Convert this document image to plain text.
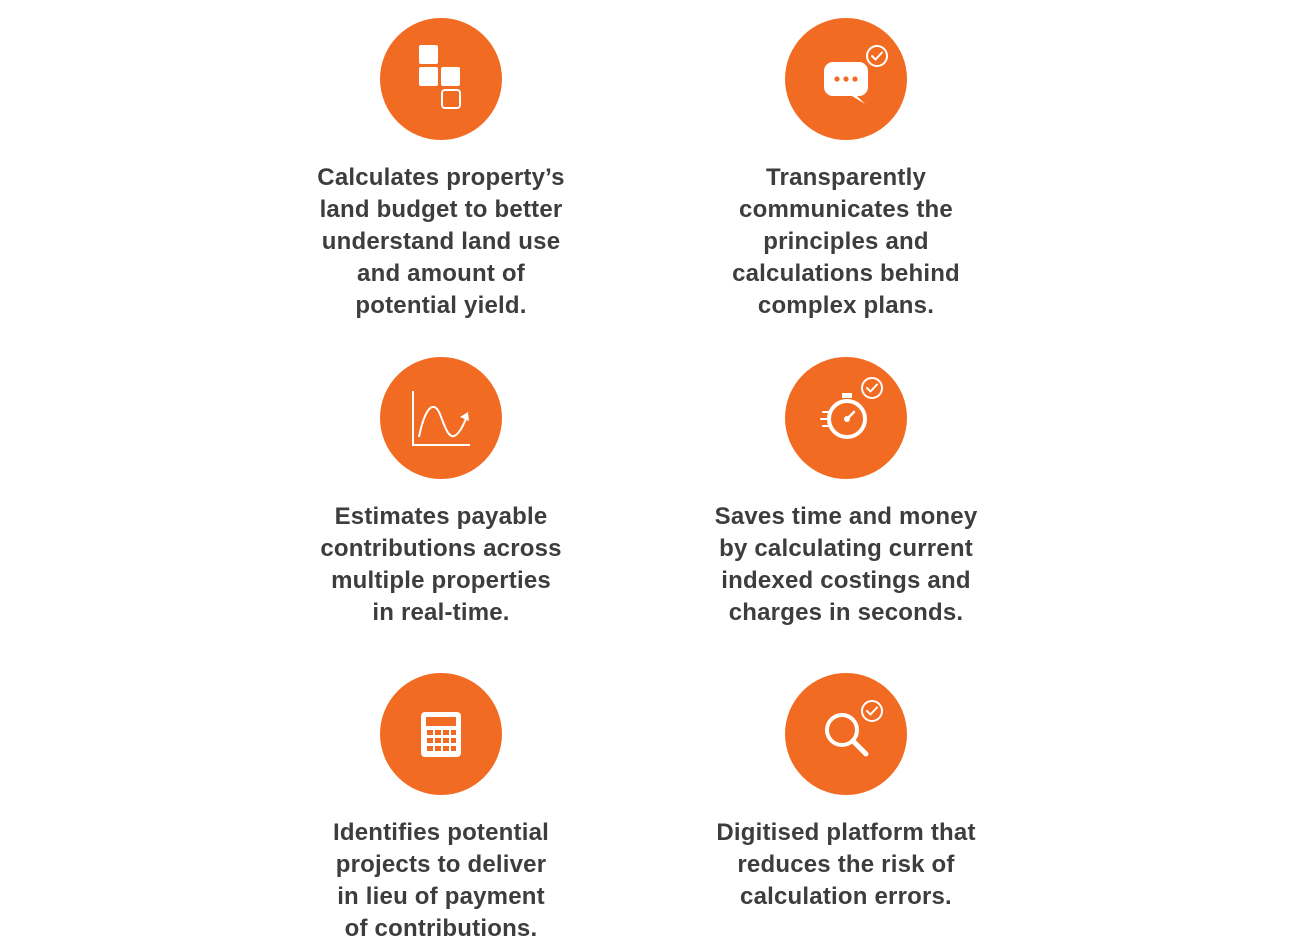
Calculates property’s
land budget to better
understand land use
and amount of
potential yield.
Transparently
communicates the
principles and
calculations behind
complex plans.
Estimates payable
contributions across
multiple properties
in real-time.
Saves time and money
by calculating current
indexed costings and
charges in seconds.
Identifies potential
projects to deliver
in lieu of payment
of contributions.
Digitised platform that
reduces the risk of
calculation errors.
